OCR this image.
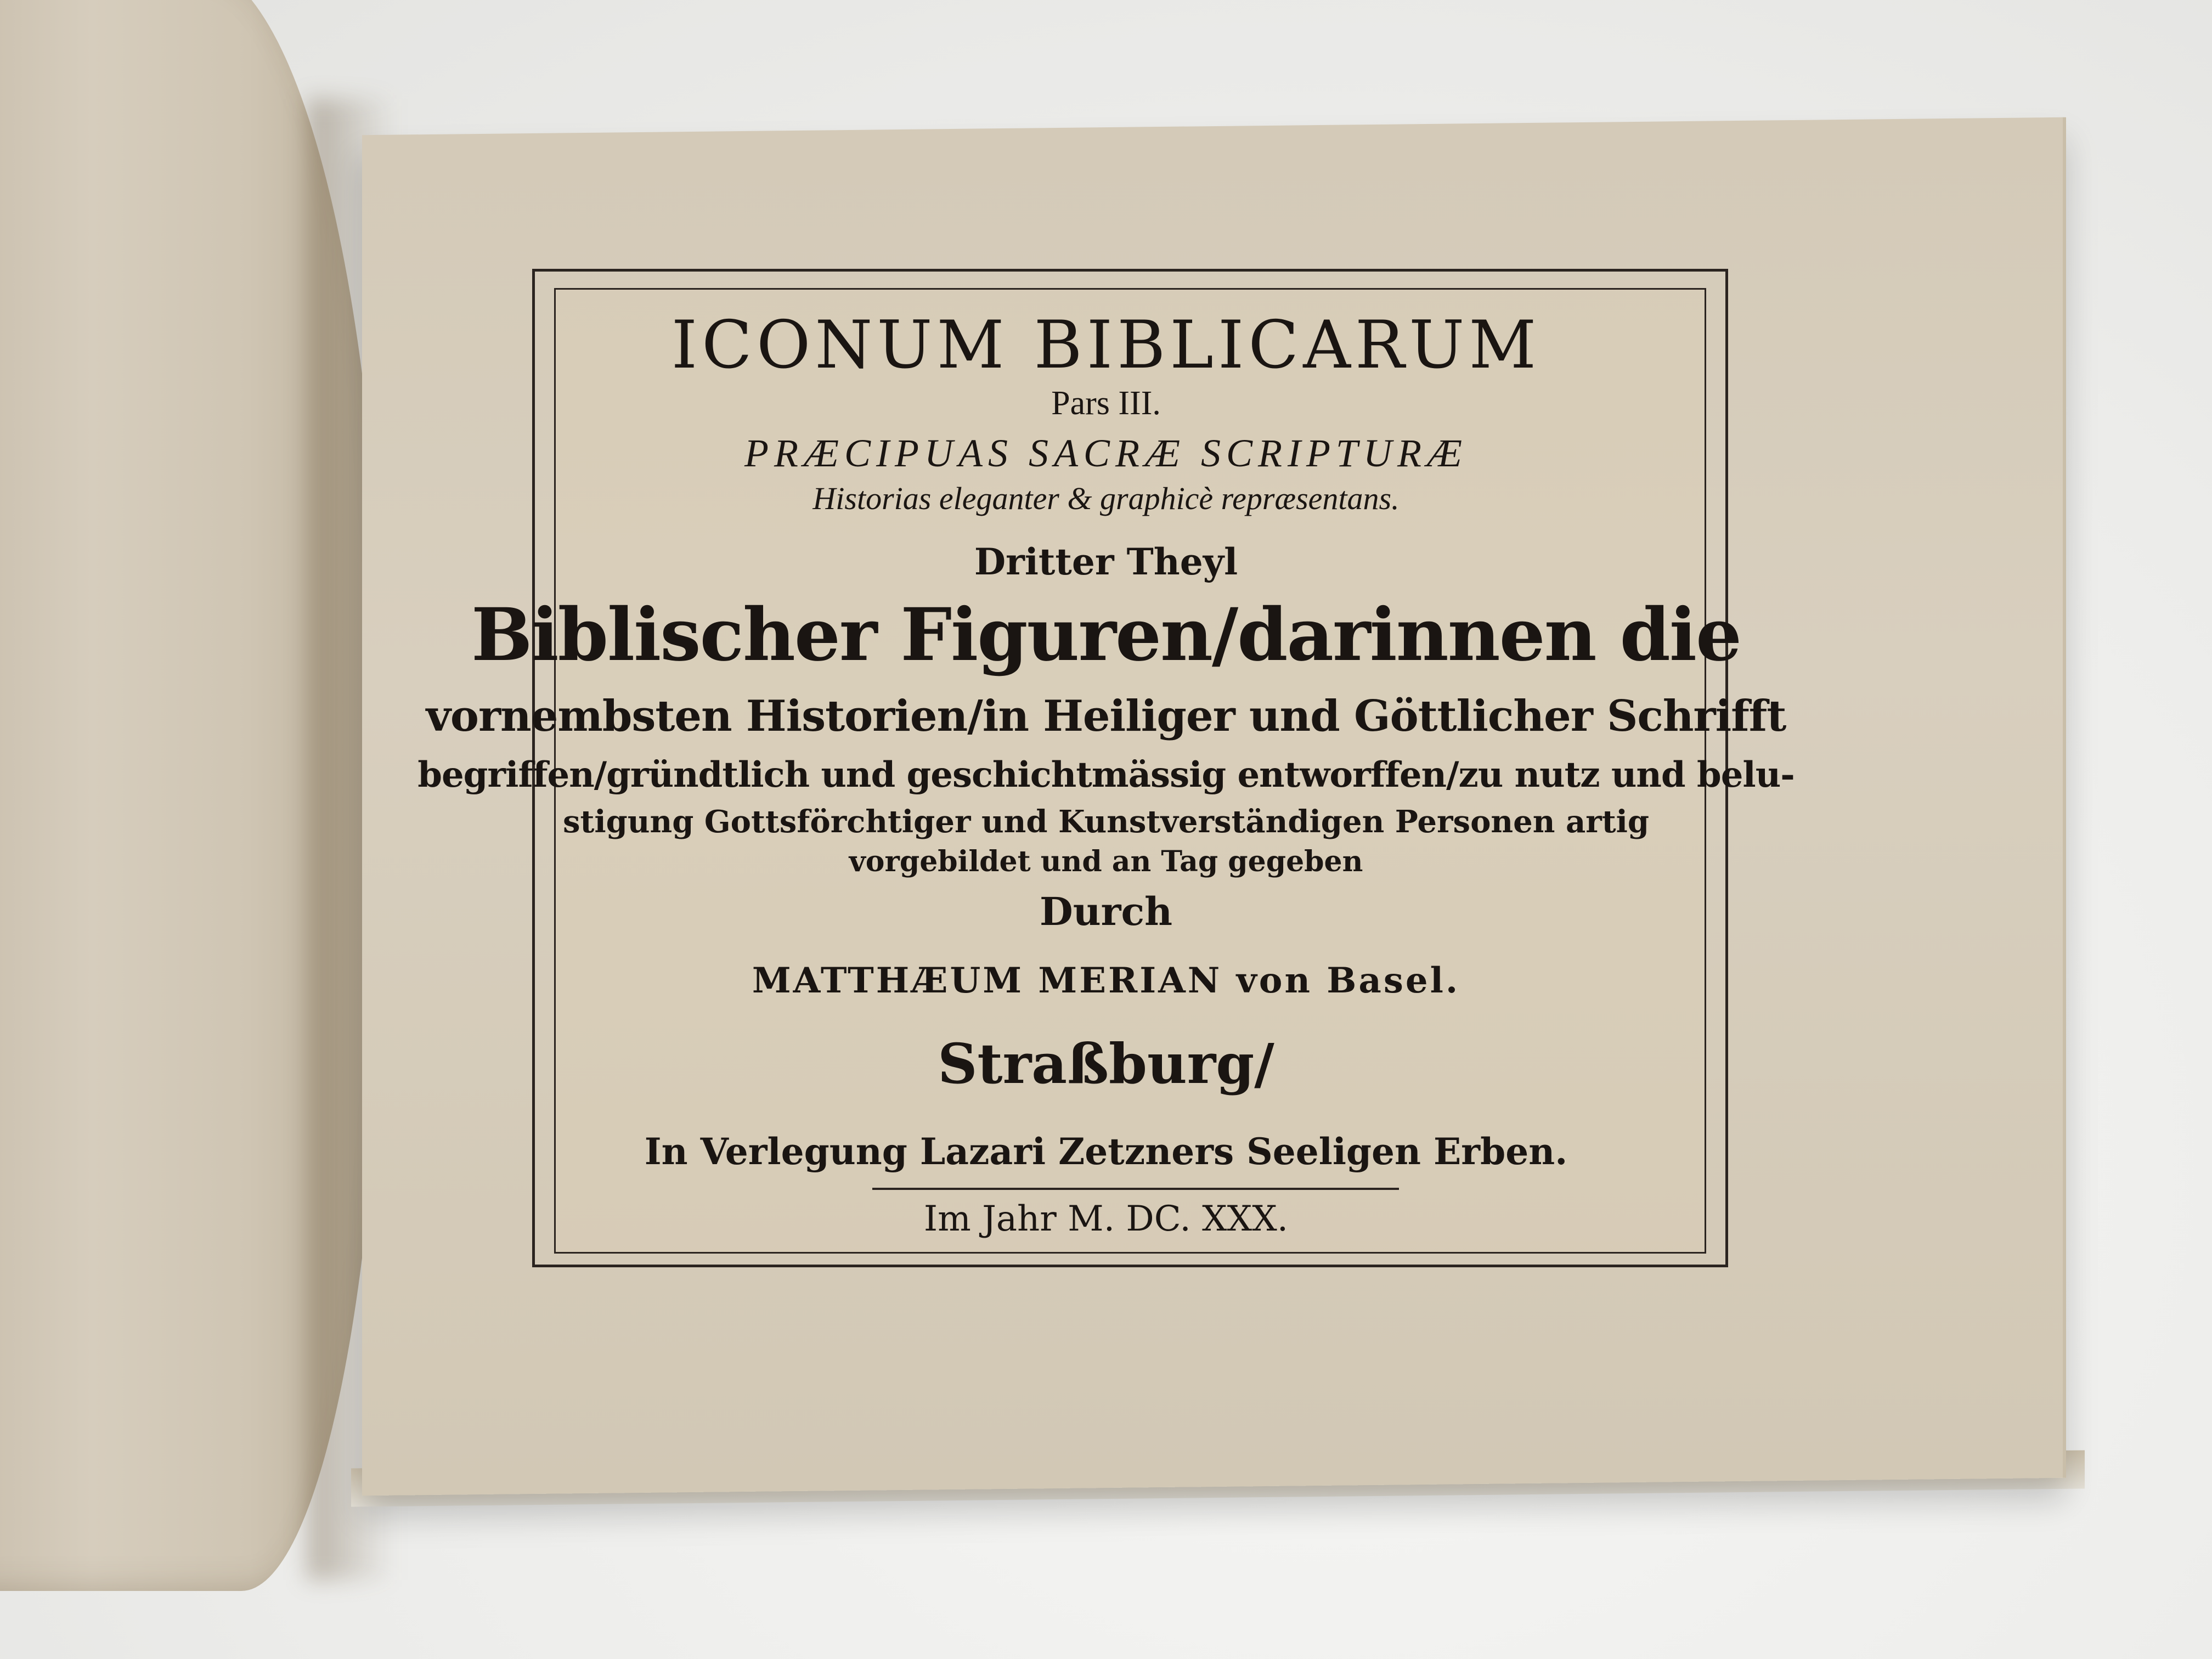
ICONUM BIBLICARUM
Pars III.
PRÆCIPUAS SACRÆ SCRIPTURÆ
Historias eleganter & graphicè repræsentans.
Dritter Theyl
Biblischer Figuren/darinnen die
vornembsten Historien/in Heiliger und Göttlicher Schrifft
begriffen/gründtlich und geschichtmässig entworffen/zu nutz und belu-
stigung Gottsförchtiger und Kunstverständigen Personen artig
vorgebildet und an Tag gegeben
Durch
MATTHÆUM MERIAN von Basel.
Straßburg/
In Verlegung Lazari Zetzners Seeligen Erben.
Im Jahr M. DC. XXX.
